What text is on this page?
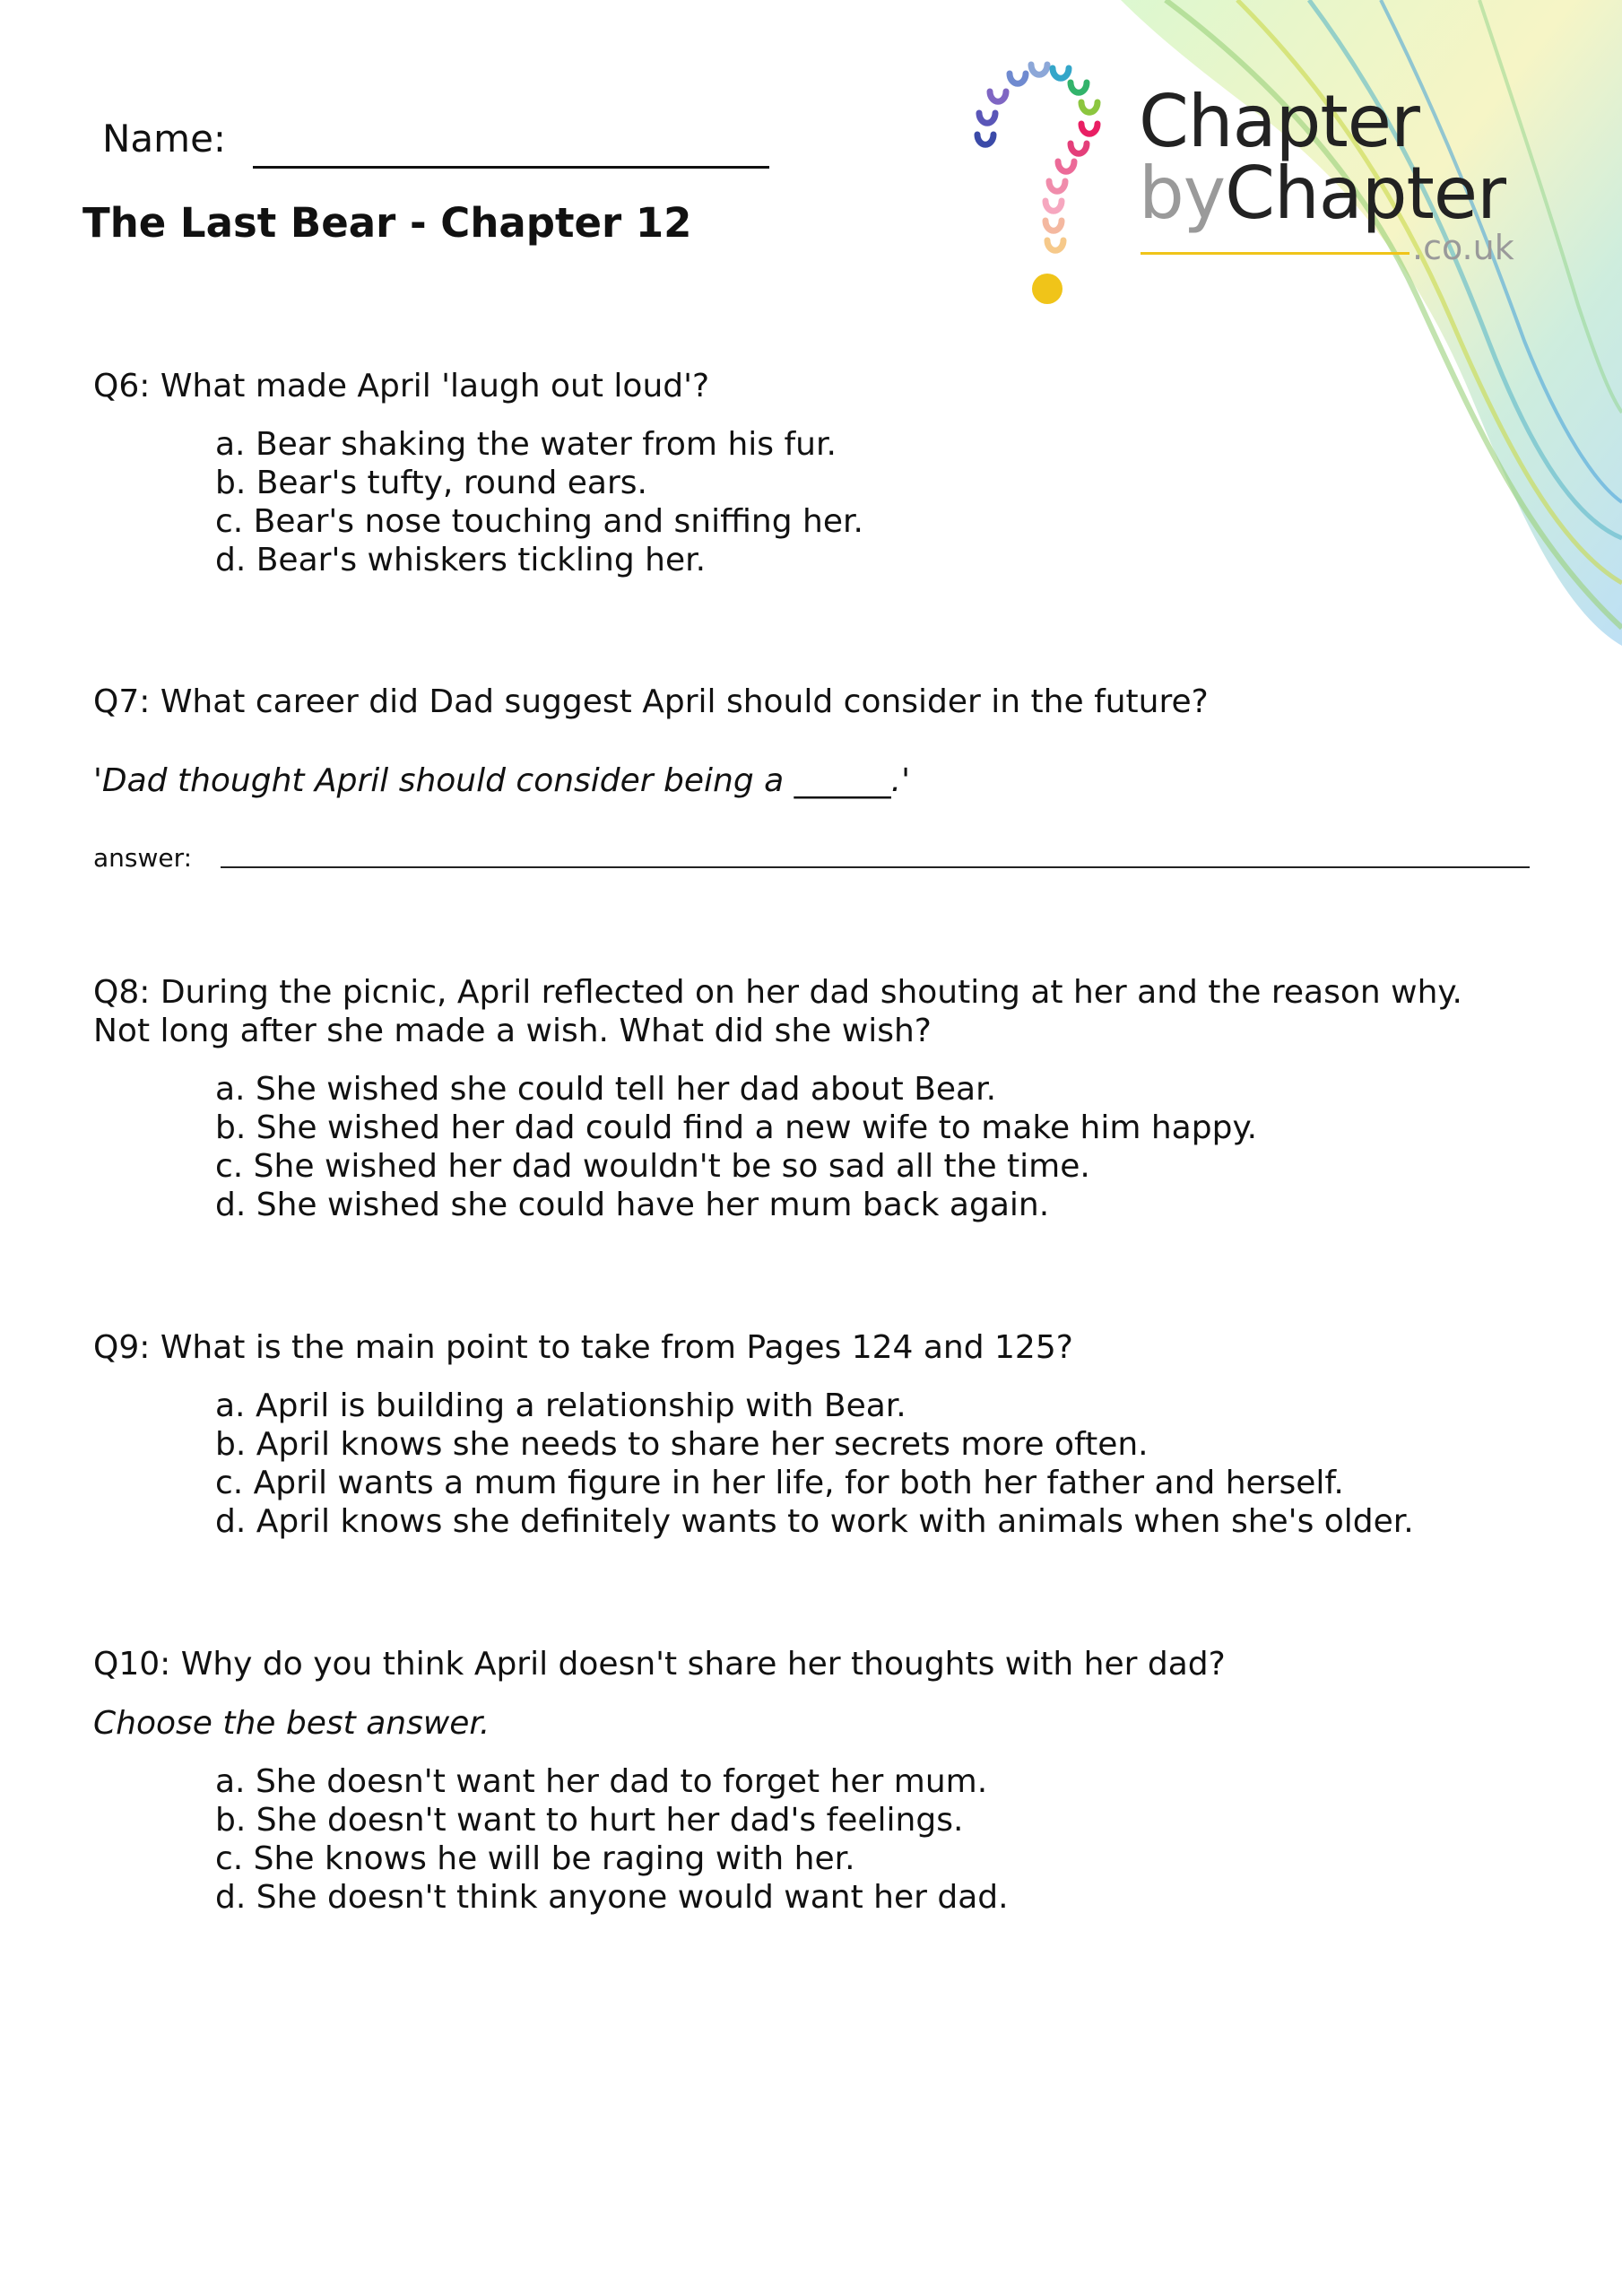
Name:
The Last Bear - Chapter 12
Chapter
byChapter
.co.uk
Q6: What made April 'laugh out loud'?
a. Bear shaking the water from his fur.
b. Bear's tufty, round ears.
c. Bear's nose touching and sniffing her.
d. Bear's whiskers tickling her.
Q7: What career did Dad suggest April should consider in the future?
'Dad thought April should consider being a ______.'
answer:
Q8: During the picnic, April reflected on her dad shouting at her and the reason why.
Not long after she made a wish. What did she wish?
a. She wished she could tell her dad about Bear.
b. She wished her dad could find a new wife to make him happy.
c. She wished her dad wouldn't be so sad all the time.
d. She wished she could have her mum back again.
Q9: What is the main point to take from Pages 124 and 125?
a. April is building a relationship with Bear.
b. April knows she needs to share her secrets more often.
c. April wants a mum figure in her life, for both her father and herself.
d. April knows she definitely wants to work with animals when she's older.
Q10: Why do you think April doesn't share her thoughts with her dad?
Choose the best answer.
a. She doesn't want her dad to forget her mum.
b. She doesn't want to hurt her dad's feelings.
c. She knows he will be raging with her.
d. She doesn't think anyone would want her dad.
